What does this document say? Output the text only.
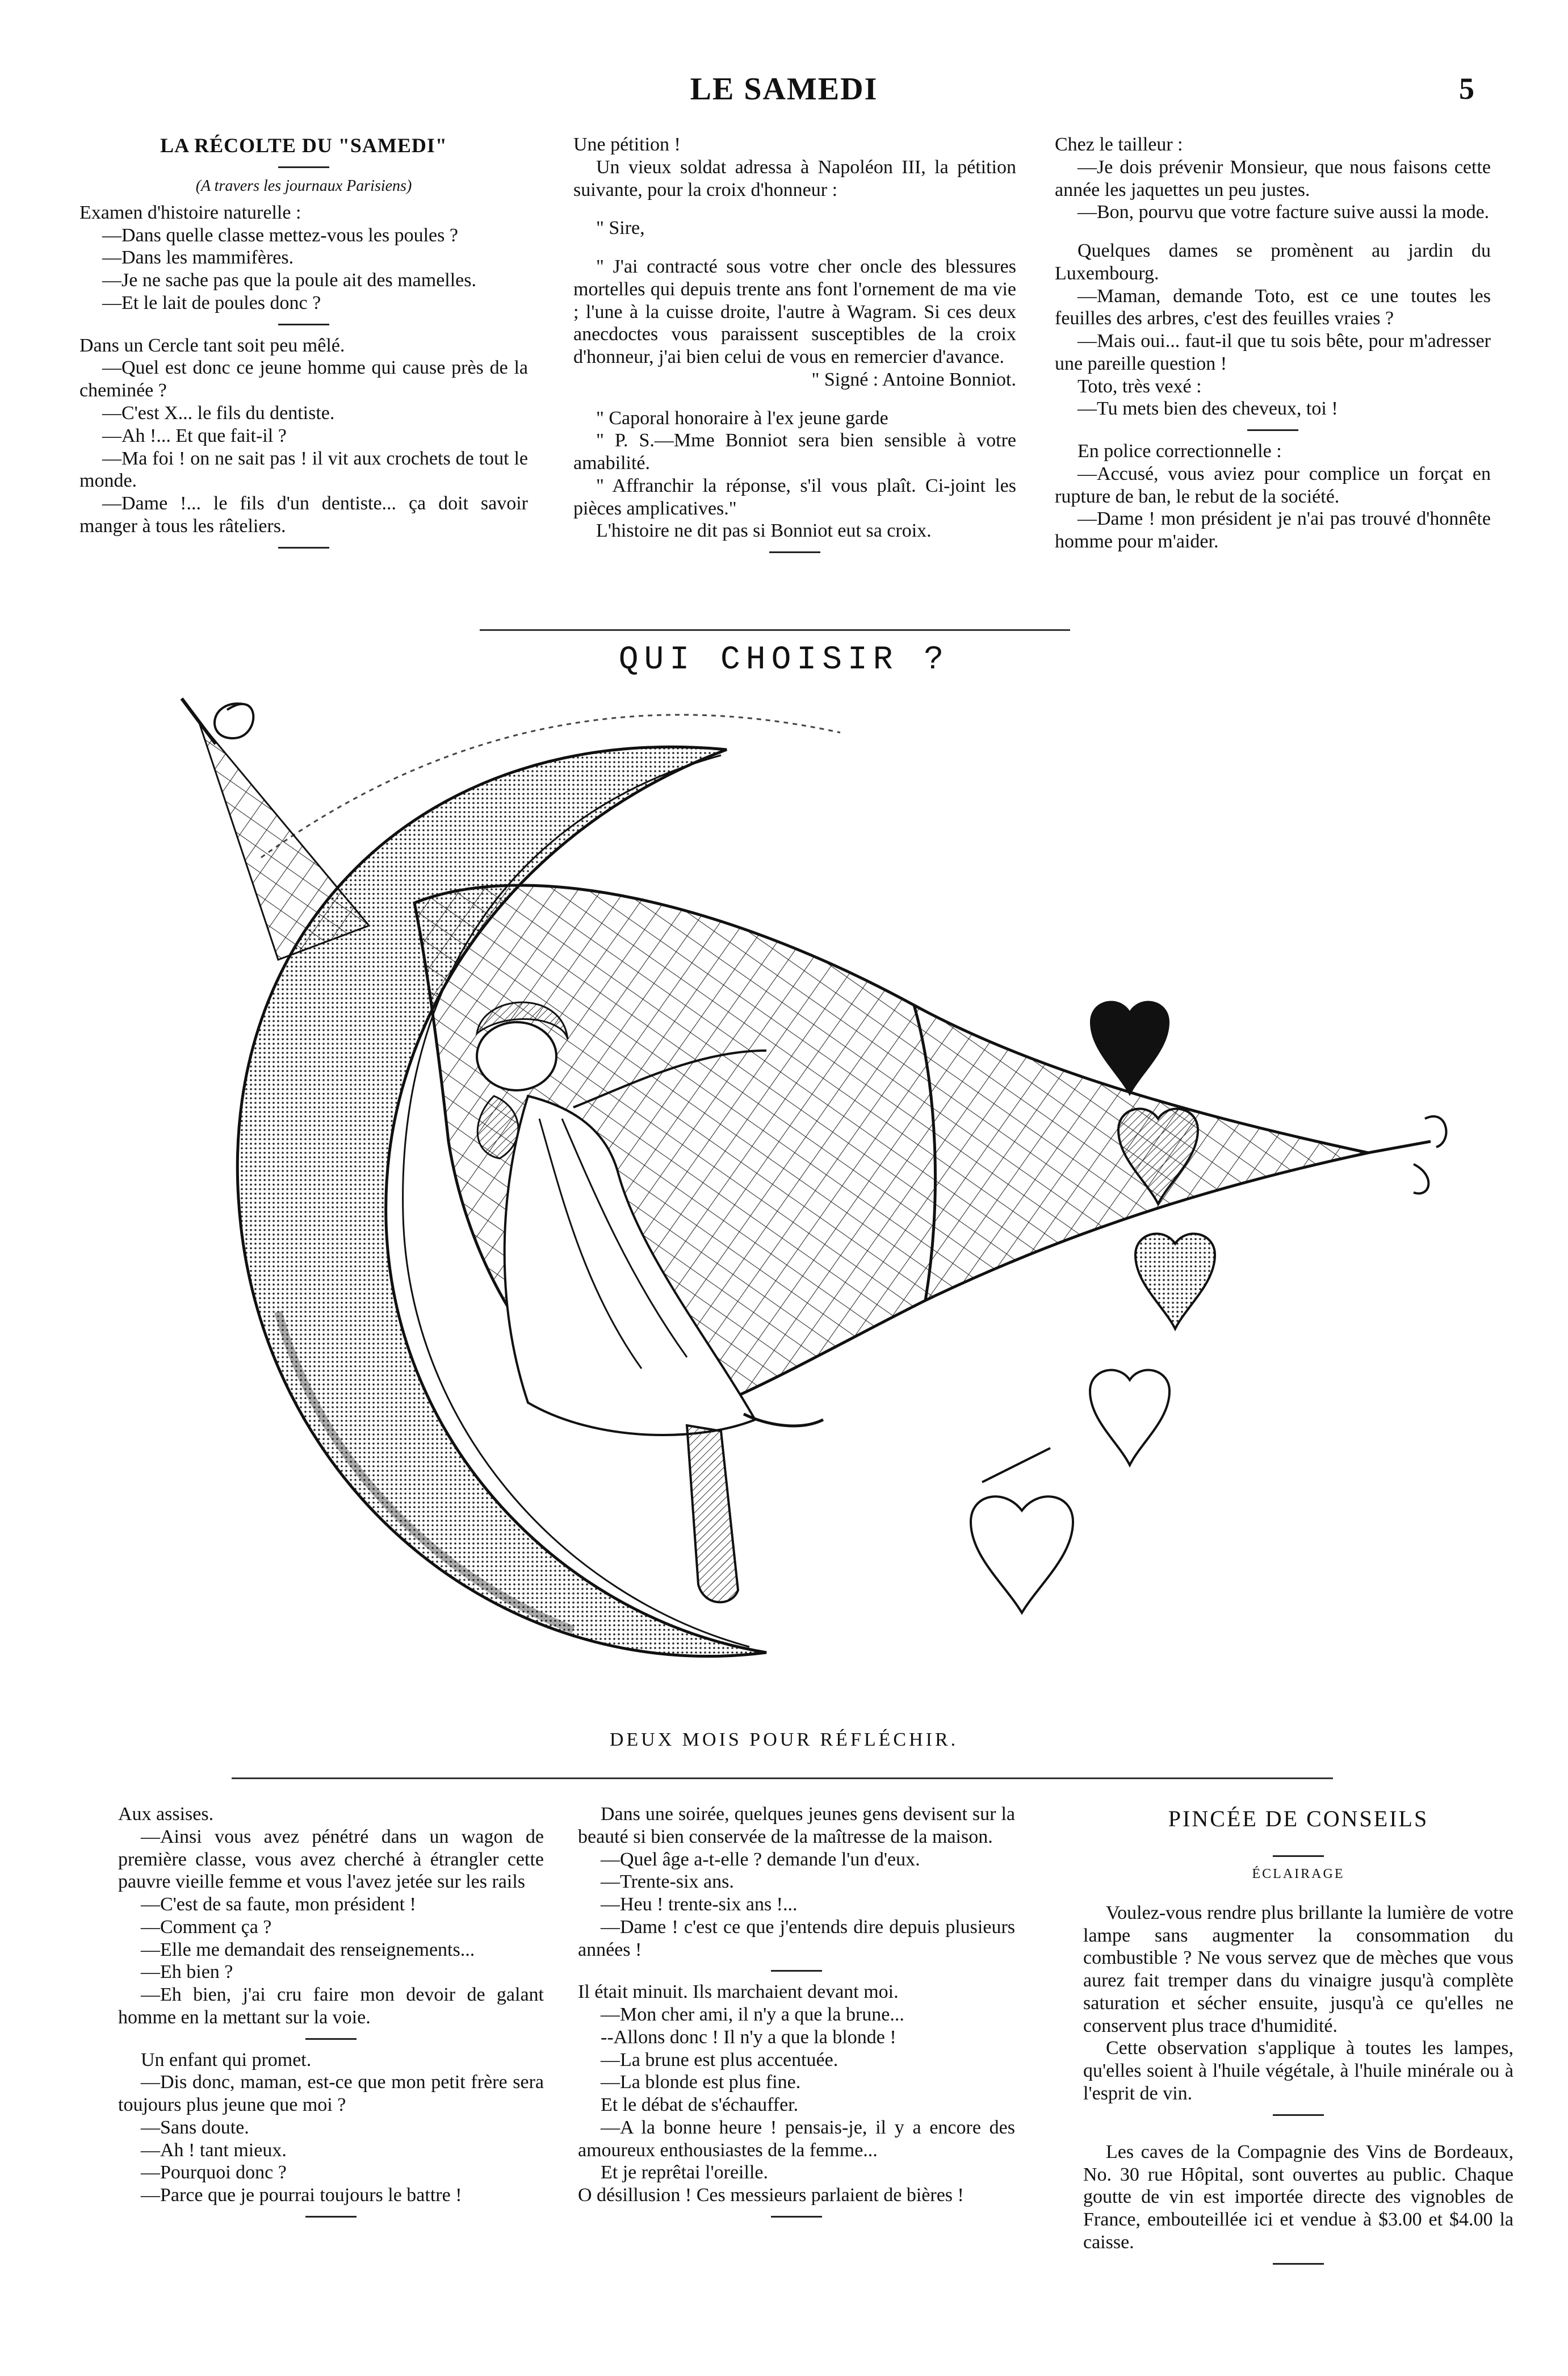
LE SAMEDI	5
LA RÉCOLTE DU "SAMEDI"
(A travers les journaux Parisiens)

Examen d'histoire naturelle :

—Dans quelle classe mettez-vous les poules ?

—Dans les mammifères.

—Je ne sache pas que la poule ait des mamelles.

—Et le lait de poules donc ?

Dans un Cercle tant soit peu mêlé.

—Quel est donc ce jeune homme qui cause près de la cheminée ?

—C'est X... le fils du dentiste.

—Ah !... Et que fait-il ?

—Ma foi ! on ne sait pas ! il vit aux crochets de tout le monde.

—Dame !... le fils d'un dentiste... ça doit savoir manger à tous les râteliers.

Une pétition !

Un vieux soldat adressa à Napoléon III, la pétition suivante, pour la croix d'honneur :

" Sire,

" J'ai contracté sous votre cher oncle des blessures mortelles qui depuis trente ans font l'ornement de ma vie ; l'une à la cuisse droite, l'autre à Wagram. Si ces deux anecdoctes vous paraissent susceptibles de la croix d'honneur, j'ai bien celui de vous en remercier d'avance.

" Signé : Antoine Bonniot.

" Caporal honoraire à l'ex jeune garde

" P. S.—Mme Bonniot sera bien sensible à votre amabilité.

" Affranchir la réponse, s'il vous plaît. Ci-joint les pièces amplicatives."

L'histoire ne dit pas si Bonniot eut sa croix.

Chez le tailleur :

—Je dois prévenir Monsieur, que nous faisons cette année les jaquettes un peu justes.

—Bon, pourvu que votre facture suive aussi la mode.

Quelques dames se promènent au jardin du Luxembourg.

—Maman, demande Toto, est ce une toutes les feuilles des arbres, c'est des feuilles vraies ?

—Mais oui... faut-il que tu sois bête, pour m'adresser une pareille question !

Toto, très vexé :

—Tu mets bien des cheveux, toi !

En police correctionnelle :

—Accusé, vous aviez pour complice un forçat en rupture de ban, le rebut de la société.

—Dame ! mon président je n'ai pas trouvé d'honnête homme pour m'aider.

QUI CHOISIR ?
DEUX MOIS POUR RÉFLÉCHIR.

Aux assises.

—Ainsi vous avez pénétré dans un wagon de première classe, vous avez cherché à étrangler cette pauvre vieille femme et vous l'avez jetée sur les rails

—C'est de sa faute, mon président !

—Comment ça ?

—Elle me demandait des renseignements...

—Eh bien ?

—Eh bien, j'ai cru faire mon devoir de galant homme en la mettant sur la voie.

Un enfant qui promet.

—Dis donc, maman, est-ce que mon petit frère sera toujours plus jeune que moi ?

—Sans doute.

—Ah ! tant mieux.

—Pourquoi donc ?

—Parce que je pourrai toujours le battre !

Dans une soirée, quelques jeunes gens devisent sur la beauté si bien conservée de la maîtresse de la maison.

—Quel âge a-t-elle ? demande l'un d'eux.

—Trente-six ans.

—Heu ! trente-six ans !...

—Dame ! c'est ce que j'entends dire depuis plusieurs années !

Il était minuit. Ils marchaient devant moi.

—Mon cher ami, il n'y a que la brune...

--Allons donc ! Il n'y a que la blonde !

—La brune est plus accentuée.

—La blonde est plus fine.

Et le débat de s'échauffer.

—A la bonne heure ! pensais-je, il y a encore des amoureux enthousiastes de la femme...

Et je reprêtai l'oreille.

O désillusion ! Ces messieurs parlaient de bières !

PINCÉE DE CONSEILS
ÉCLAIRAGE

Voulez-vous rendre plus brillante la lumière de votre lampe sans augmenter la consommation du combustible ? Ne vous servez que de mèches que vous aurez fait tremper dans du vinaigre jusqu'à complète saturation et sécher ensuite, jusqu'à ce qu'elles ne conservent plus trace d'humidité.

Cette observation s'applique à toutes les lampes, qu'elles soient à l'huile végétale, à l'huile minérale ou à l'esprit de vin.

Les caves de la Compagnie des Vins de Bordeaux, No. 30 rue Hôpital, sont ouvertes au public. Chaque goutte de vin est importée directe des vignobles de France, embouteillée ici et vendue à $3.00 et $4.00 la caisse.
